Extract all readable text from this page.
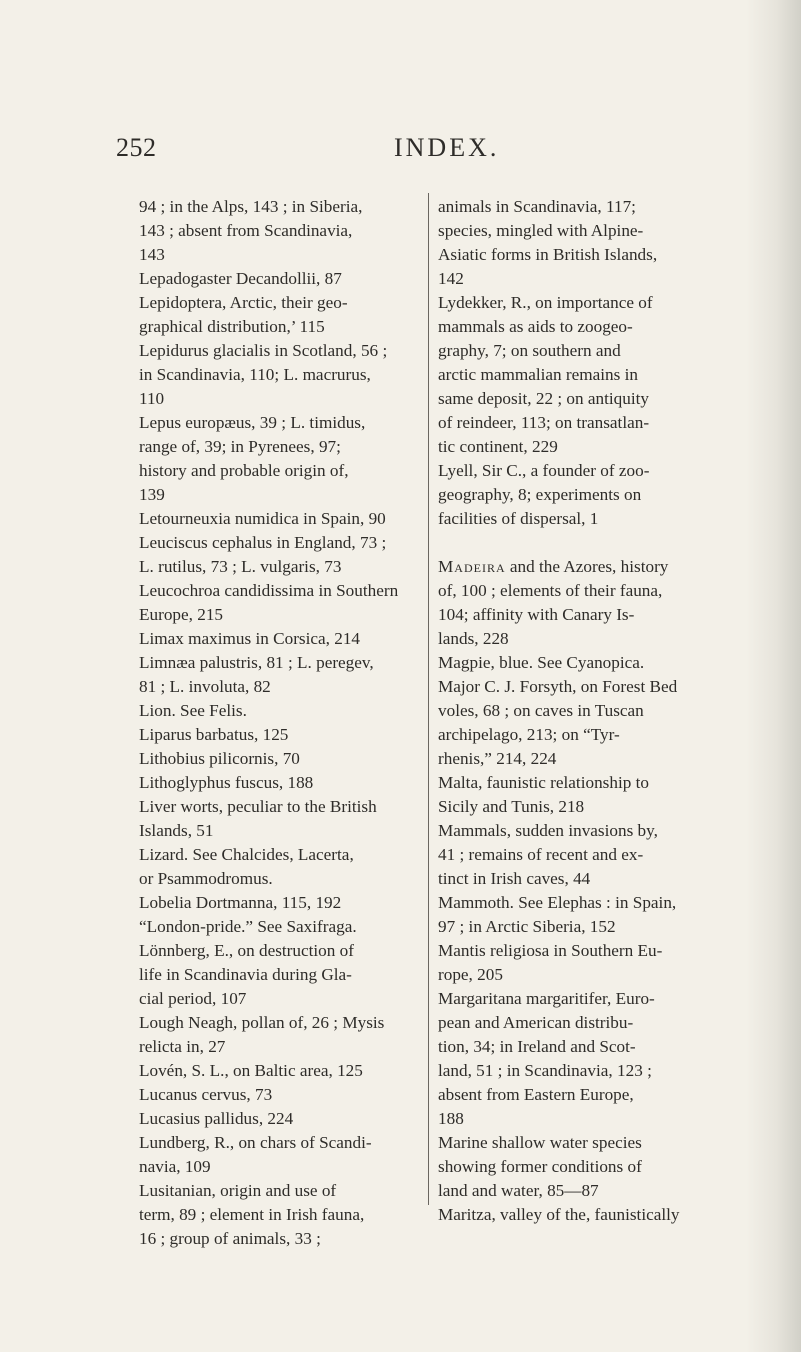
252	INDEX.

94 ; in the Alps, 143 ; in Siberia,
143 ; absent from Scandinavia,
143

Lepadogaster Decandollii, 87

Lepidoptera, Arctic, their geo-
graphical distribution,’ 115

Lepidurus glacialis in Scotland, 56 ;
in Scandinavia, 110; L. macrurus,
110

Lepus europæus, 39 ; L. timidus,
range of, 39; in Pyrenees, 97;
history and probable origin of,
139

Letourneuxia numidica in Spain, 90

Leuciscus cephalus in England, 73 ;
L. rutilus, 73 ; L. vulgaris, 73

Leucochroa candidissima in Southern
Europe, 215

Limax maximus in Corsica, 214

Limnæa palustris, 81 ; L. peregev,
81 ; L. involuta, 82

Lion. See Felis.

Liparus barbatus, 125

Lithobius pilicornis, 70

Lithoglyphus fuscus, 188

Liver worts, peculiar to the British
Islands, 51

Lizard. See Chalcides, Lacerta,
or Psammodromus.

Lobelia Dortmanna, 115, 192

“London-pride.” See Saxifraga.

Lönnberg, E., on destruction of
life in Scandinavia during Gla-
cial period, 107

Lough Neagh, pollan of, 26 ; Mysis
relicta in, 27

Lovén, S. L., on Baltic area, 125

Lucanus cervus, 73

Lucasius pallidus, 224

Lundberg, R., on chars of Scandi-
navia, 109

Lusitanian, origin and use of
term, 89 ; element in Irish fauna,
16 ; group of animals, 33 ;

animals in Scandinavia, 117;
species, mingled with Alpine-
Asiatic forms in British Islands,
142

Lydekker, R., on importance of
mammals as aids to zoogeo-
graphy, 7; on southern and
arctic mammalian remains in
same deposit, 22 ; on antiquity
of reindeer, 113; on transatlan-
tic continent, 229

Lyell, Sir C., a founder of zoo-
geography, 8; experiments on
facilities of dispersal, 1

Madeira and the Azores, history
of, 100 ; elements of their fauna,
104; affinity with Canary Is-
lands, 228

Magpie, blue. See Cyanopica.

Major C. J. Forsyth, on Forest Bed
voles, 68 ; on caves in Tuscan
archipelago, 213; on “Tyr-
rhenis,” 214, 224

Malta, faunistic relationship to
Sicily and Tunis, 218

Mammals, sudden invasions by,
41 ; remains of recent and ex-
tinct in Irish caves, 44

Mammoth. See Elephas : in Spain,
97 ; in Arctic Siberia, 152

Mantis religiosa in Southern Eu-
rope, 205

Margaritana margaritifer, Euro-
pean and American distribu-
tion, 34; in Ireland and Scot-
land, 51 ; in Scandinavia, 123 ;
absent from Eastern Europe,
188

Marine shallow water species
showing former conditions of
land and water, 85—87

Maritza, valley of the, faunistically
